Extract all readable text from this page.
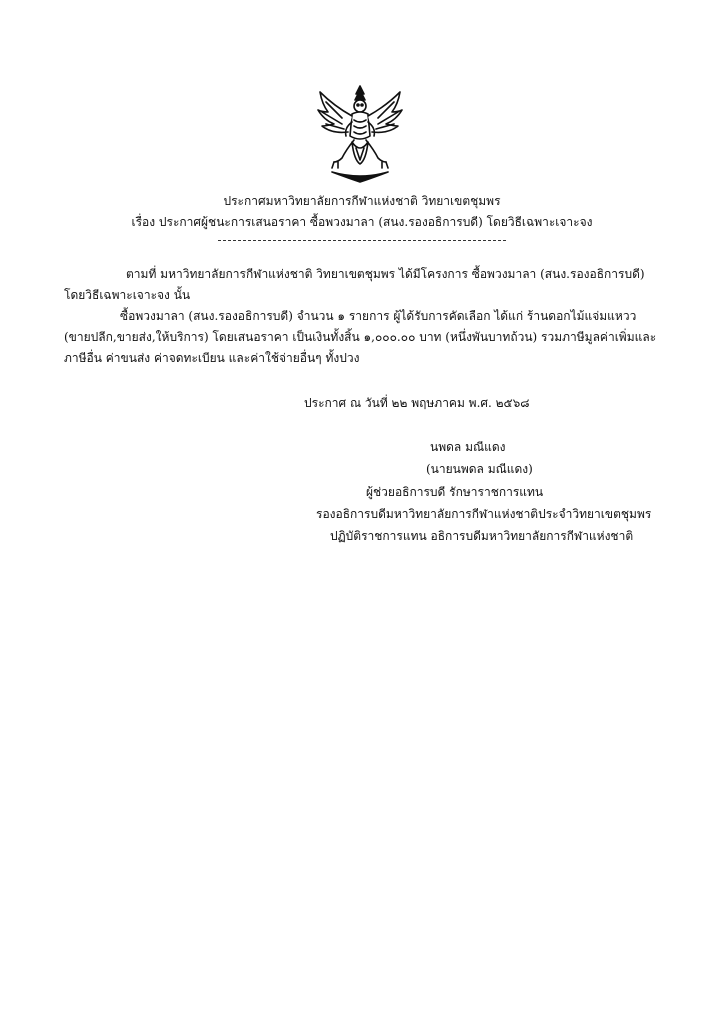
ประกาศมหาวิทยาลัยการกีฬาแห่งชาติ วิทยาเขตชุมพร
เรื่อง ประกาศผู้ชนะการเสนอราคา ซื้อพวงมาลา (สนง.รองอธิการบดี) โดยวิธีเฉพาะเจาะจง
ตามที่ มหาวิทยาลัยการกีฬาแห่งชาติ วิทยาเขตชุมพร ได้มีโครงการ ซื้อพวงมาลา (สนง.รองอธิการบดี)
โดยวิธีเฉพาะเจาะจง นั้น
ซื้อพวงมาลา (สนง.รองอธิการบดี) จำนวน ๑ รายการ ผู้ได้รับการคัดเลือก ได้แก่ ร้านดอกไม้แจ่มแหวว
(ขายปลีก,ขายส่ง,ให้บริการ) โดยเสนอราคา เป็นเงินทั้งสิ้น ๑,๐๐๐.๐๐ บาท (หนึ่งพันบาทถ้วน) รวมภาษีมูลค่าเพิ่มและ
ภาษีอื่น ค่าขนส่ง ค่าจดทะเบียน และค่าใช้จ่ายอื่นๆ ทั้งปวง
ประกาศ ณ วันที่ ๒๒ พฤษภาคม พ.ศ. ๒๕๖๘
นพดล มณีแดง
(นายนพดล มณีแดง)
ผู้ช่วยอธิการบดี รักษาราชการแทน
รองอธิการบดีมหาวิทยาลัยการกีฬาแห่งชาติประจำวิทยาเขตชุมพร
ปฏิบัติราชการแทน อธิการบดีมหาวิทยาลัยการกีฬาแห่งชาติ
